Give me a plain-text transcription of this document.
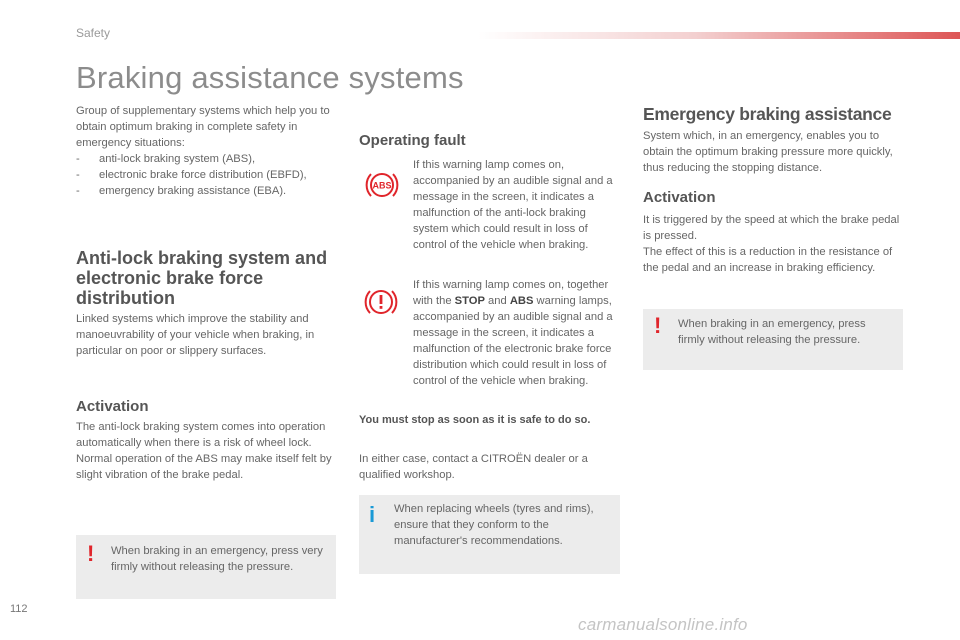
Safety
Braking assistance systems

Group of supplementary systems which help you to obtain optimum braking in complete safety in emergency situations:

- anti-lock braking system (ABS),
- electronic brake force distribution (EBFD),
- emergency braking assistance (EBA).
Anti-lock braking system and electronic brake force distribution

Linked systems which improve the stability and manoeuvrability of your vehicle when braking, in particular on poor or slippery surfaces.

Activation

The anti-lock braking system comes into operation automatically when there is a risk of wheel lock.

Normal operation of the ABS may make itself felt by slight vibration of the brake pedal.

! When braking in an emergency, press very firmly without releasing the pressure.
Operating fault
ABS
If this warning lamp comes on, accompanied by an audible signal and a message in the screen, it indicates a malfunction of the anti-lock braking system which could result in loss of control of the vehicle when braking.
If this warning lamp comes on, together with the STOP and ABS warning lamps, accompanied by an audible signal and a message in the screen, it indicates a malfunction of the electronic brake force distribution which could result in loss of control of the vehicle when braking.
You must stop as soon as it is safe to do so.
In either case, contact a CITROËN dealer or a qualified workshop.
i When replacing wheels (tyres and rims), ensure that they conform to the manufacturer's recommendations.
Emergency braking assistance
System which, in an emergency, enables you to obtain the optimum braking pressure more quickly, thus reducing the stopping distance.
Activation

It is triggered by the speed at which the brake pedal is pressed.

The effect of this is a reduction in the resistance of the pedal and an increase in braking efficiency.

! When braking in an emergency, press firmly without releasing the pressure.
112
carmanualsonline.info
